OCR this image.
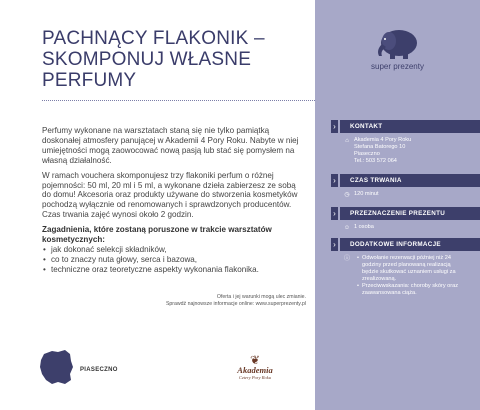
PACHNĄCY FLAKONIK –
SKOMPONUJ WŁASNE
PERFUMY

Perfumy wykonane na warsztatach staną się nie tylko pamiątką doskonałej atmosfery panującej w Akademii 4 Pory Roku. Nabyte w niej umiejętności mogą zaowocować nową pasją lub stać się pomysłem na własną działalność.

W ramach vouchera skomponujesz trzy flakoniki perfum o różnej pojemności: 50 ml, 20 ml i 5 ml, a wykonane dzieła zabierzesz ze sobą do domu! Akcesoria oraz produkty używane do stworzenia kosmetyków pochodzą wyłącznie od renomowanych i sprawdzonych producentów. Czas trwania zajęć wynosi około 2 godzin.

Zagadnienia, które zostaną poruszone w trakcie warsztatów kosmetycznych:

• jak dokonać selekcji składników,
• co to znaczy nuta głowy, serca i bazowa,
• techniczne oraz teoretyczne aspekty wykonania flakonika.
Oferta i jej warunki mogą ulec zmianie.
Sprawdź najnowsze informacje online: www.superprezenty.pl
PIASECZNO
❦
Akademia
Cztery Pory Roku
super prezenty
›	KONTAKT
⌂ Akademia 4 Pory Roku
Stefana Batorego 10
Piaseczno
Tel.: 503 572 064
›	CZAS TRWANIA
◷ 120 minut
›	PRZEZNACZENIE PREZENTU
☺ 1 osoba
›	DODATKOWE INFORMACJE
ⓘ
•	Odwołanie rezerwacji później niż 24 godziny przed planowaną realizacją będzie skutkować uznaniem usługi za zrealizowaną.
• Przeciwwskazania: choroby skóry oraz zaawansowana ciąża.
